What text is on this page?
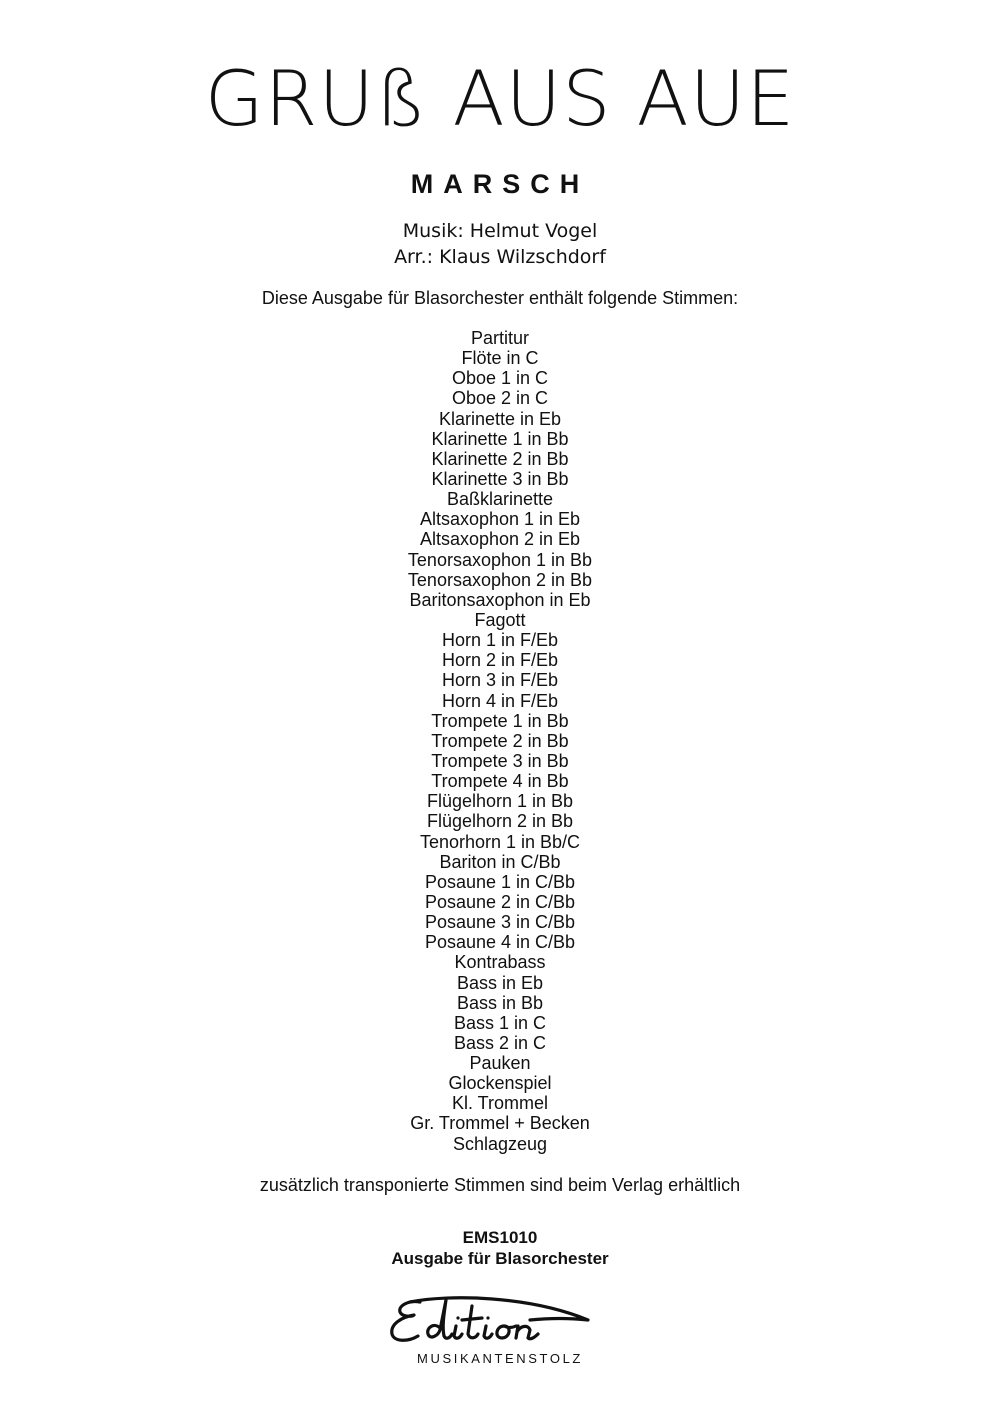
GRUß AUS AUE
MARSCH
Musik: Helmut Vogel
Arr.: Klaus Wilzschdorf
Diese Ausgabe für Blasorchester enthält folgende Stimmen:
Partitur
Flöte in C
Oboe 1 in C
Oboe 2 in C
Klarinette in Eb
Klarinette 1 in Bb
Klarinette 2 in Bb
Klarinette 3 in Bb
Baßklarinette
Altsaxophon 1 in Eb
Altsaxophon 2 in Eb
Tenorsaxophon 1 in Bb
Tenorsaxophon 2 in Bb
Baritonsaxophon in Eb
Fagott
Horn 1 in F/Eb
Horn 2 in F/Eb
Horn 3 in F/Eb
Horn 4 in F/Eb
Trompete 1 in Bb
Trompete 2 in Bb
Trompete 3 in Bb
Trompete 4 in Bb
Flügelhorn 1 in Bb
Flügelhorn 2 in Bb
Tenorhorn 1 in Bb/C
Bariton in C/Bb
Posaune 1 in C/Bb
Posaune 2 in C/Bb
Posaune 3 in C/Bb
Posaune 4 in C/Bb
Kontrabass
Bass in Eb
Bass in Bb
Bass 1 in C
Bass 2 in C
Pauken
Glockenspiel
Kl. Trommel
Gr. Trommel + Becken
Schlagzeug
zusätzlich transponierte Stimmen sind beim Verlag erhältlich
EMS1010
Ausgabe für Blasorchester
MUSIKANTENSTOLZ
